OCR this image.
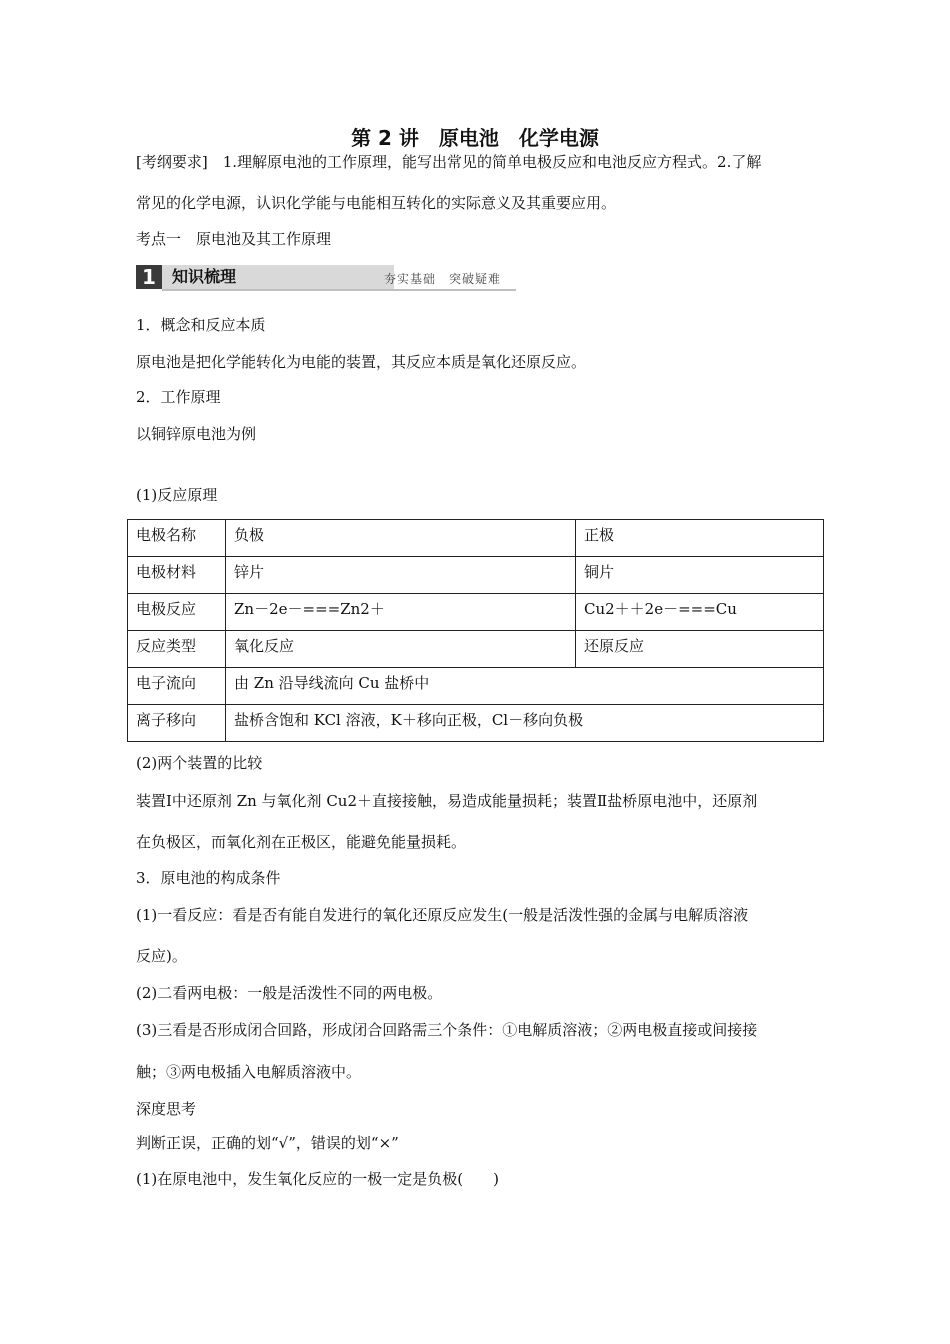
第 2 讲　原电池　化学电源
[考纲要求]　1.理解原电池的工作原理，能写出常见的简单电极反应和电池反应方程式。2.了解
常见的化学电源，认识化学能与电能相互转化的实际意义及其重要应用。
考点一　原电池及其工作原理
1	知识梳理	夯实基础　突破疑难
1．概念和反应本质
原电池是把化学能转化为电能的装置，其反应本质是氧化还原反应。
2．工作原理
以铜锌原电池为例
(1)反应原理
电极名称	负极	正极
电极材料	锌片	铜片
电极反应	Zn－2e－===Zn2＋	Cu2＋＋2e－===Cu
反应类型	氧化反应	还原反应
电子流向	由 Zn 沿导线流向 Cu 盐桥中	
离子移向	盐桥含饱和 KCl 溶液，K＋移向正极，Cl－移向负极	
(2)两个装置的比较
装置Ⅰ中还原剂 Zn 与氧化剂 Cu2＋直接接触，易造成能量损耗；装置Ⅱ盐桥原电池中，还原剂
在负极区，而氧化剂在正极区，能避免能量损耗。
3．原电池的构成条件
(1)一看反应：看是否有能自发进行的氧化还原反应发生(一般是活泼性强的金属与电解质溶液
反应)。
(2)二看两电极：一般是活泼性不同的两电极。
(3)三看是否形成闭合回路，形成闭合回路需三个条件：①电解质溶液；②两电极直接或间接接
触；③两电极插入电解质溶液中。
深度思考
判断正误，正确的划“√”，错误的划“×”
(1)在原电池中，发生氧化反应的一极一定是负极(　　)
